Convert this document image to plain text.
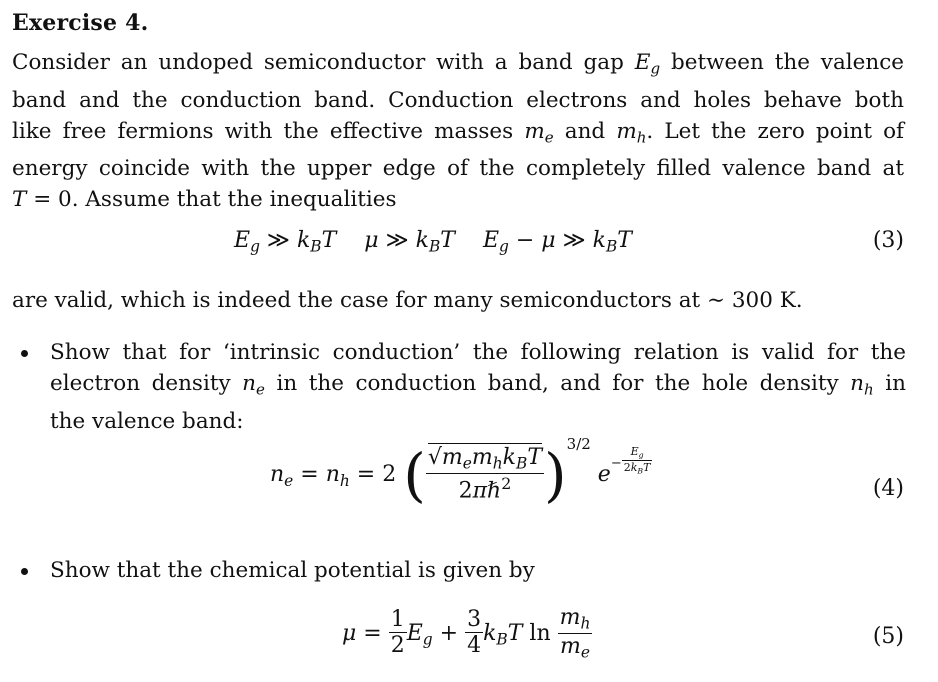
Exercise 4.
Consider an undoped semiconductor with a band gap $E_g$ between the valence
band and the conduction band. Conduction electrons and holes behave both
like free fermions with the effective masses $m_e$ and $m_h$. Let the zero point of
energy coincide with the upper edge of the completely filled valence band at
T = 0. Assume that the inequalities
$E_g$ ≫ $k_BT$ μ ≫ $k_BT$ $E_g - \mu$ ≫ $k_BT$	(3)
are valid, which is indeed the case for many semiconductors at ∼ 300 K.
Show that for ‘intrinsic conduction’ the following relation is valid for the
electron density $n_e$ in the conduction band, and for the hole density $n_h$ in
the valence band:
$n_e = n_h = 2$ ( $\frac{√m_em_hk_BT}{2\pi\hbar^2} )^{3/2}$ $e^- \frac{E_g}{2k_BT}$
(4)
Show that the chemical potential is given by
$\mu = \frac{1}{2} E_g + \frac{3}{4} k_BT$ $\ln \frac{m_h}{m_e}$	(5)
